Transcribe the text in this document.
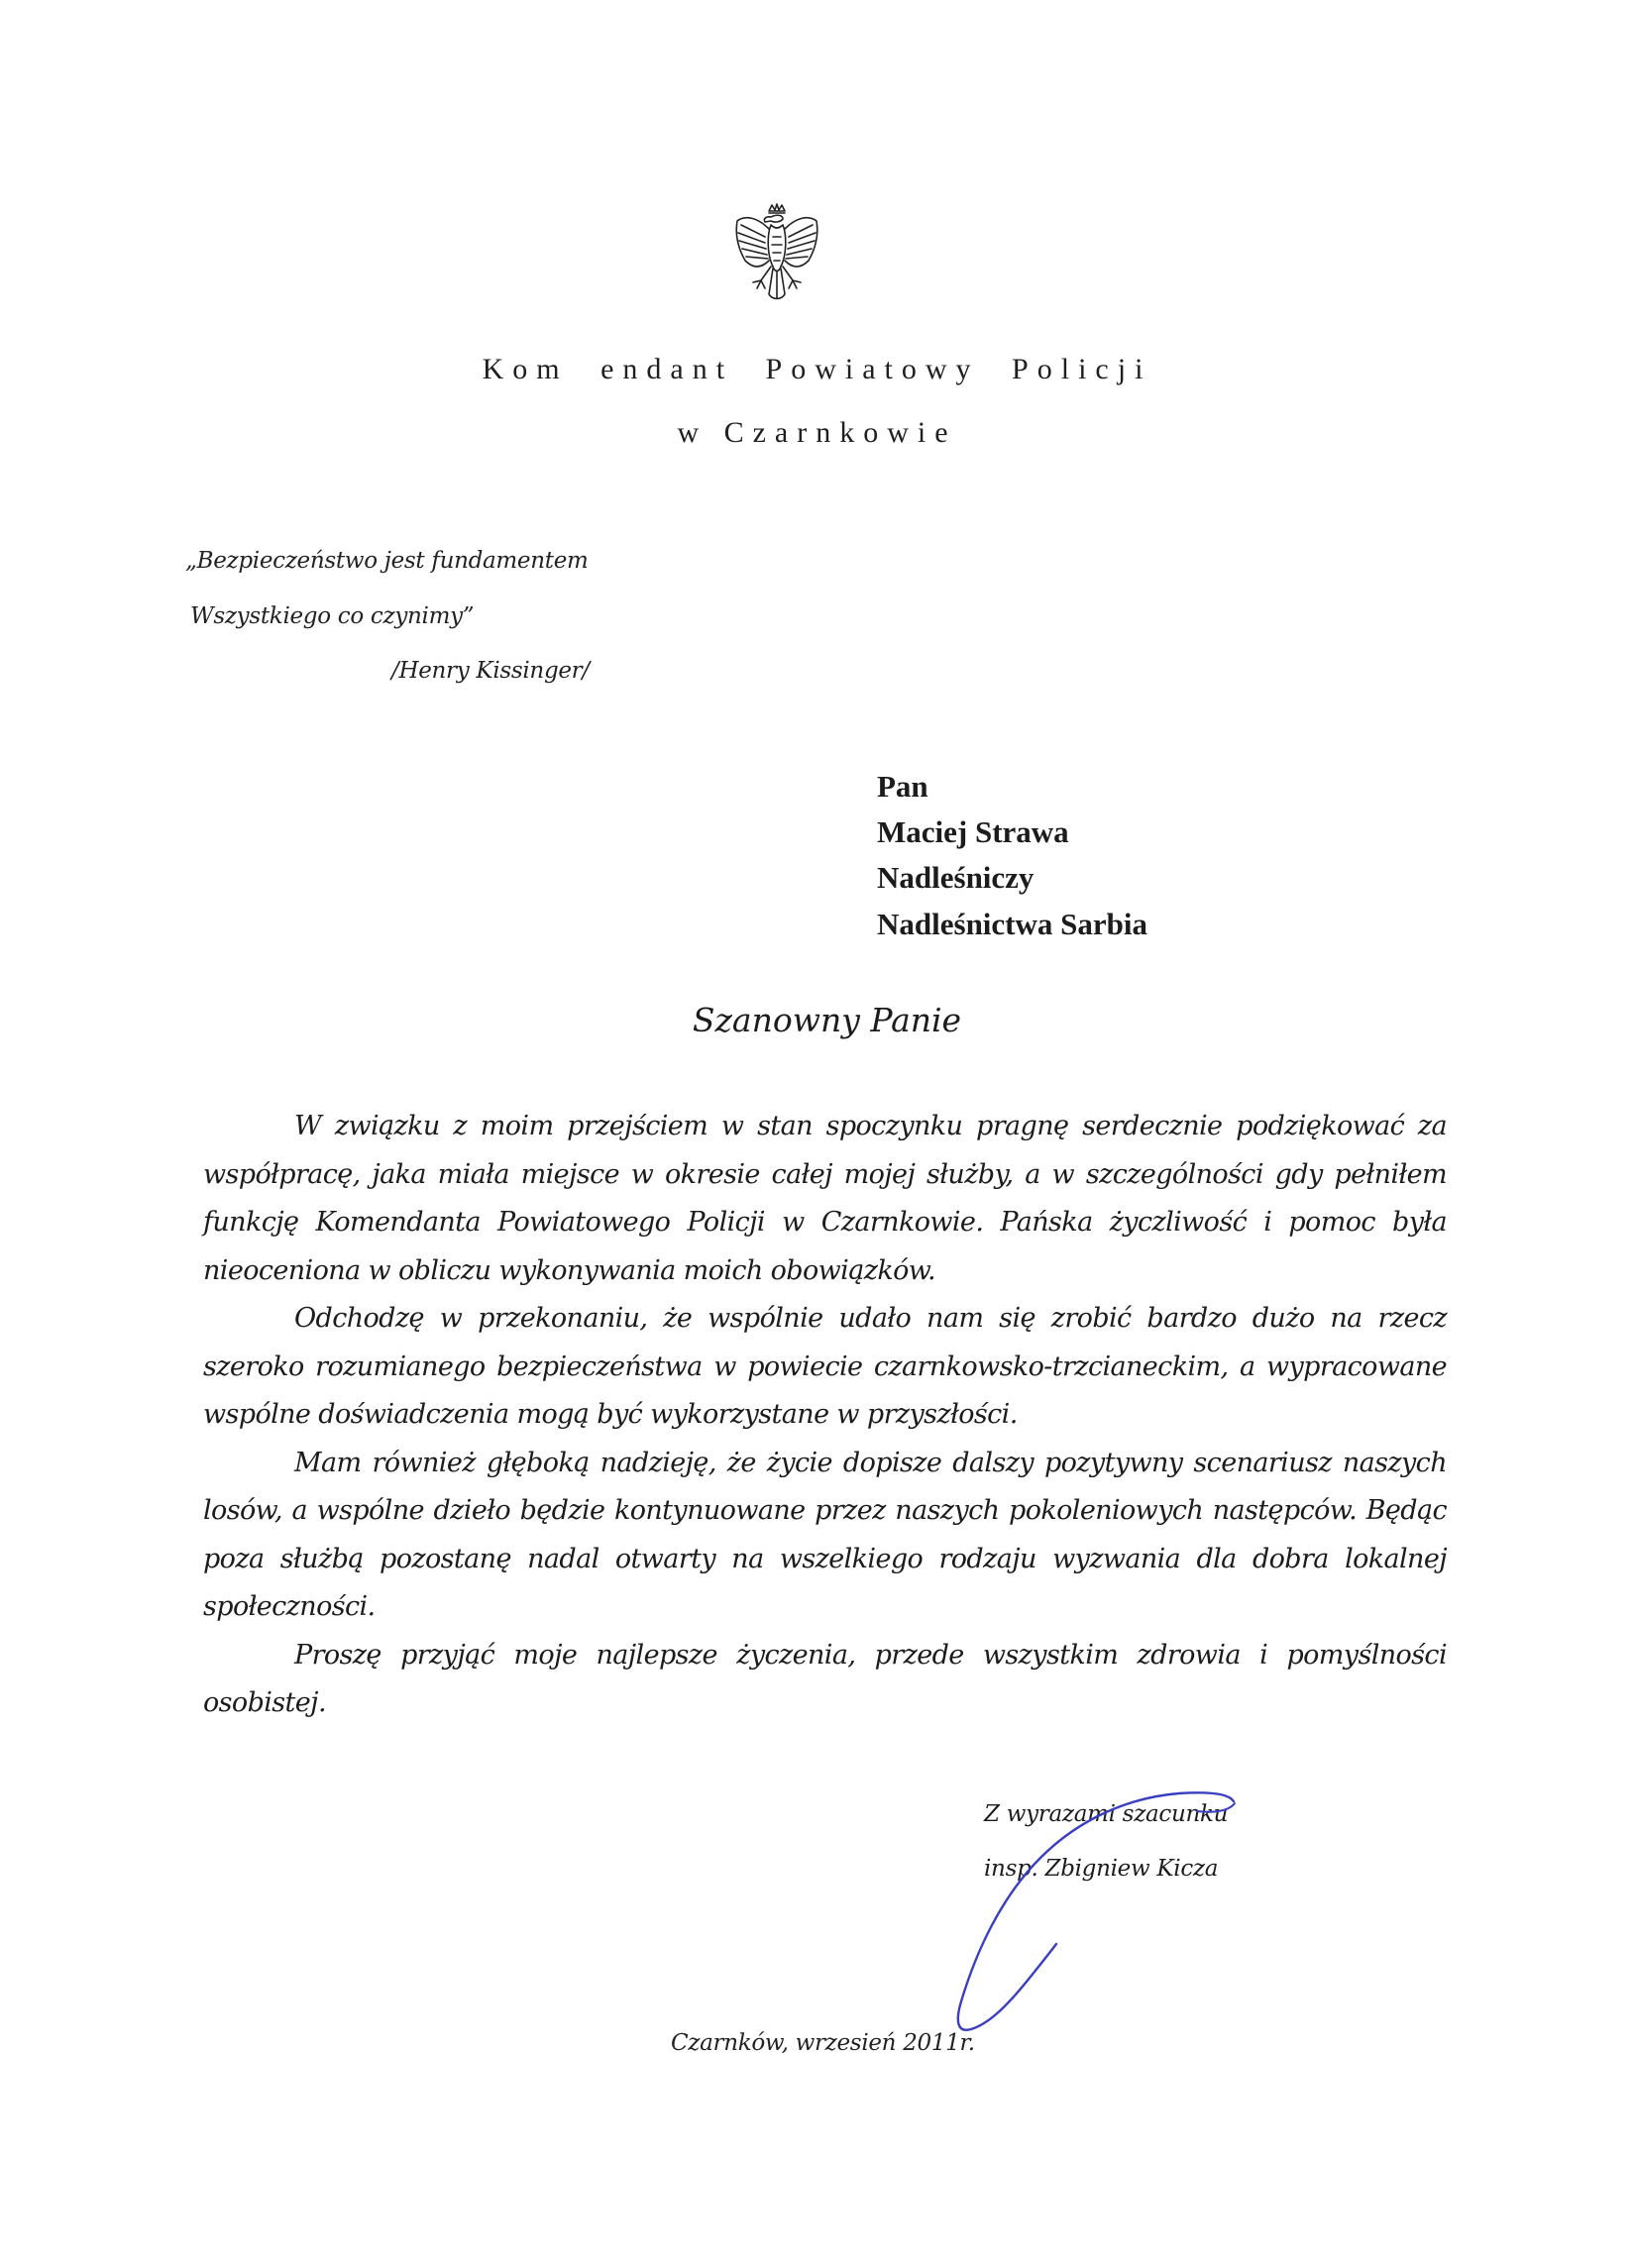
Kom endant Powiatowy Policji
w Czarnkowie
„Bezpieczeństwo jest fundamentem
Wszystkiego co czynimy”
/Henry Kissinger/
Pan
Maciej Strawa
Nadleśniczy
Nadleśnictwa Sarbia
Szanowny Panie

W związku z moim przejściem w stan spoczynku pragnę serdecznie podziękować za współpracę, jaka miała miejsce w okresie całej mojej służby, a w szczególności gdy pełniłem funkcję Komendanta Powiatowego Policji w Czarnkowie. Pańska życzliwość i pomoc była nieoceniona w obliczu wykonywania moich obowiązków.

Odchodzę w przekonaniu, że wspólnie udało nam się zrobić bardzo dużo na rzecz szeroko rozumianego bezpieczeństwa w powiecie czarnkowsko-trzcianeckim, a wypracowane wspólne doświadczenia mogą być wykorzystane w przyszłości.

Mam również głęboką nadzieję, że życie dopisze dalszy pozytywny scenariusz naszych losów, a wspólne dzieło będzie kontynuowane przez naszych pokoleniowych następców. Będąc poza służbą pozostanę nadal otwarty na wszelkiego rodzaju wyzwania dla dobra lokalnej społeczności.

Proszę przyjąć moje najlepsze życzenia, przede wszystkim zdrowia i pomyślności osobistej.

Z wyrazami szacunku
insp. Zbigniew Kicza
Czarnków, wrzesień 2011r.
